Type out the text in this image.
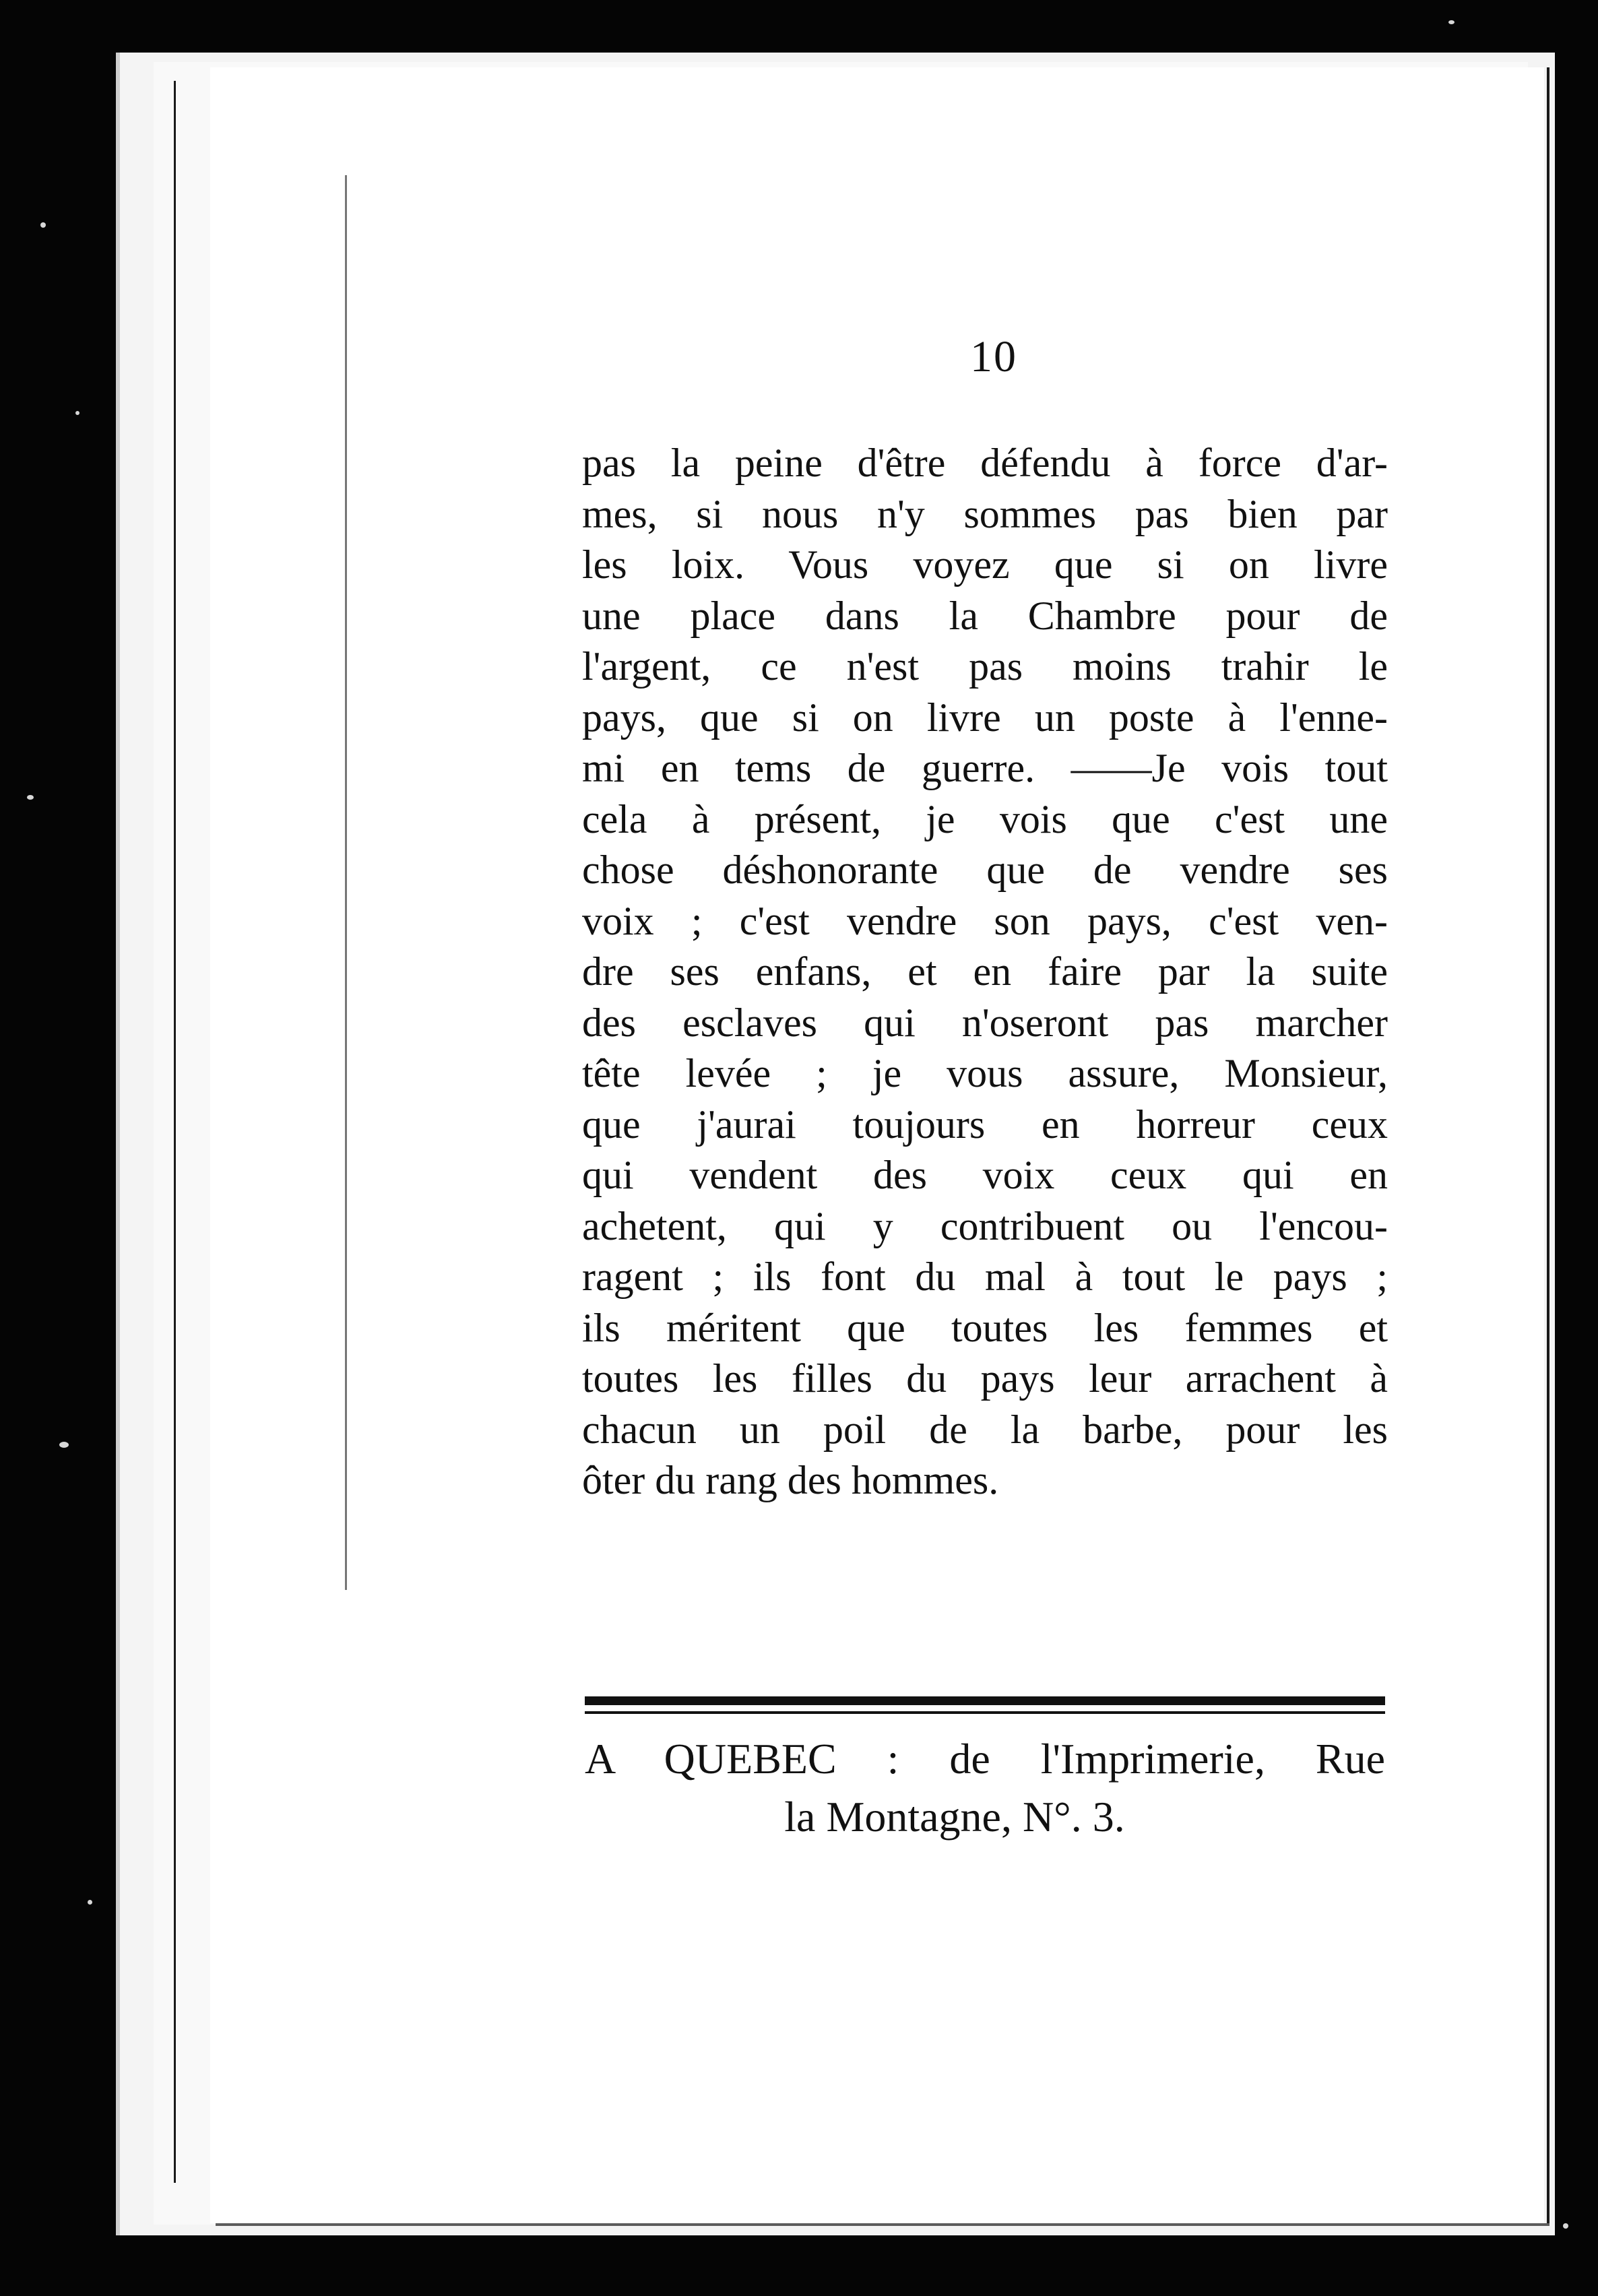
10
pas la peine d'être défendu à force d'ar-
mes, si nous n'y sommes pas bien par
les loix. Vous voyez que si on livre
une place dans la Chambre pour de
l'argent, ce n'est pas moins trahir le
pays, que si on livre un poste à l'enne-
mi en tems de guerre. ——Je vois tout
cela à présent, je vois que c'est une
chose déshonorante que de vendre ses
voix ; c'est vendre son pays, c'est ven-
dre ses enfans, et en faire par la suite
des esclaves qui n'oseront pas marcher
tête levée ; je vous assure, Monsieur,
que j'aurai toujours en horreur ceux
qui vendent des voix ceux qui en
achetent, qui y contribuent ou l'encou-
ragent ; ils font du mal à tout le pays ;
ils méritent que toutes les femmes et
toutes les filles du pays leur arrachent à
chacun un poil de la barbe, pour les
ôter du rang des hommes.
A QUEBEC : de l'Imprimerie, Rue
la Montagne, N°. 3.
